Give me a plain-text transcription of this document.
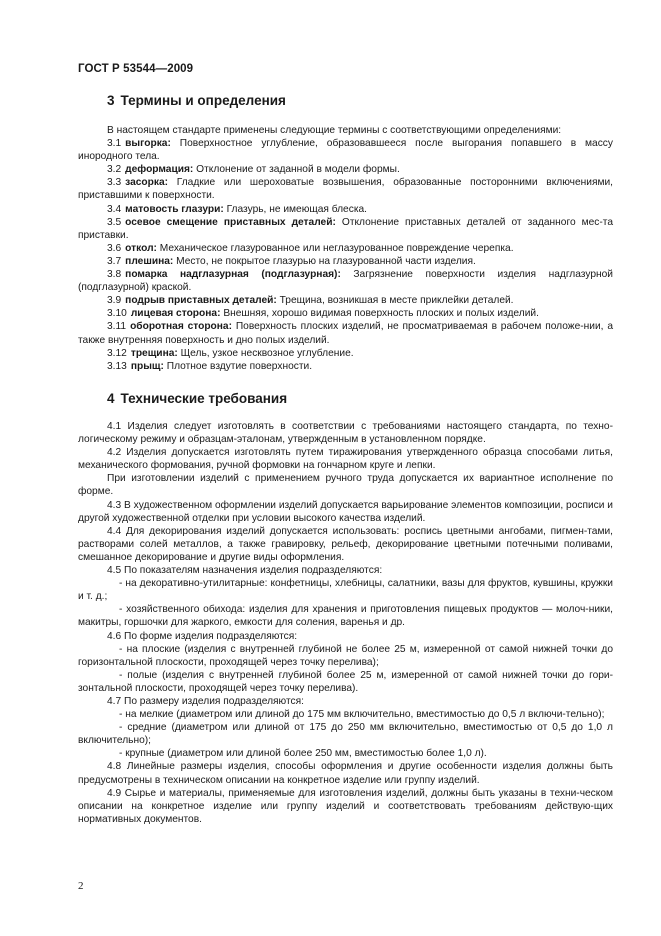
ГОСТ Р 53544—2009
3 Термины и определения

В настоящем стандарте применены следующие термины с соответствующими определениями:

3.1 выгорка: Поверхностное углубление, образовавшееся после выгорания попавшего в массу инородного тела.

3.2 деформация: Отклонение от заданной в модели формы.

3.3 засорка: Гладкие или шероховатые возвышения, образованные посторонними включениями, приставшими к поверхности.

3.4 матовость глазури: Глазурь, не имеющая блеска.

3.5 осевое смещение приставных деталей: Отклонение приставных деталей от заданного мес-та приставки.

3.6 откол: Механическое глазурованное или неглазурованное повреждение черепка.

3.7 плешина: Место, не покрытое глазурью на глазурованной части изделия.

3.8 помарка надглазурная (подглазурная): Загрязнение поверхности изделия надглазурной (подглазурной) краской.

3.9 подрыв приставных деталей: Трещина, возникшая в месте приклейки деталей.

3.10 лицевая сторона: Внешняя, хорошо видимая поверхность плоских и полых изделий.

3.11 оборотная сторона: Поверхность плоских изделий, не просматриваемая в рабочем положе-нии, а также внутренняя поверхность и дно полых изделий.

3.12 трещина: Щель, узкое несквозное углубление.

3.13 прыщ: Плотное вздутие поверхности.

4 Технические требования

4.1 Изделия следует изготовлять в соответствии с требованиями настоящего стандарта, по техно-логическому режиму и образцам-эталонам, утвержденным в установленном порядке.

4.2 Изделия допускается изготовлять путем тиражирования утвержденного образца способами литья, механического формования, ручной формовки на гончарном круге и лепки.

При изготовлении изделий с применением ручного труда допускается их вариантное исполнение по форме.

4.3 В художественном оформлении изделий допускается варьирование элементов композиции, росписи и другой художественной отделки при условии высокого качества изделий.

4.4 Для декорирования изделий допускается использовать: роспись цветными ангобами, пигмен-тами, растворами солей металлов, а также гравировку, рельеф, декорирование цветными потечными поливами, смешанное декорирование и другие виды оформления.

4.5 По показателям назначения изделия подразделяются:

- на декоративно-утилитарные: конфетницы, хлебницы, салатники, вазы для фруктов, кувшины, кружки и т. д.;

- хозяйственного обихода: изделия для хранения и приготовления пищевых продуктов — молоч-ники, макитры, горшочки для жаркого, емкости для соления, варенья и др.

4.6 По форме изделия подразделяются:

- на плоские (изделия с внутренней глубиной не более 25 м, измеренной от самой нижней точки до горизонтальной плоскости, проходящей через точку перелива);

- полые (изделия с внутренней глубиной более 25 м, измеренной от самой нижней точки до гори-зонтальной плоскости, проходящей через точку перелива).

4.7 По размеру изделия подразделяются:

- на мелкие (диаметром или длиной до 175 мм включительно, вместимостью до 0,5 л включи-тельно);

- средние (диаметром или длиной от 175 до 250 мм включительно, вместимостью от 0,5 до 1,0 л включительно);

- крупные (диаметром или длиной более 250 мм, вместимостью более 1,0 л).

4.8 Линейные размеры изделия, способы оформления и другие особенности изделия должны быть предусмотрены в техническом описании на конкретное изделие или группу изделий.

4.9 Сырье и материалы, применяемые для изготовления изделий, должны быть указаны в техни-ческом описании на конкретное изделие или группу изделий и соответствовать требованиям действую-щих нормативных документов.

2
